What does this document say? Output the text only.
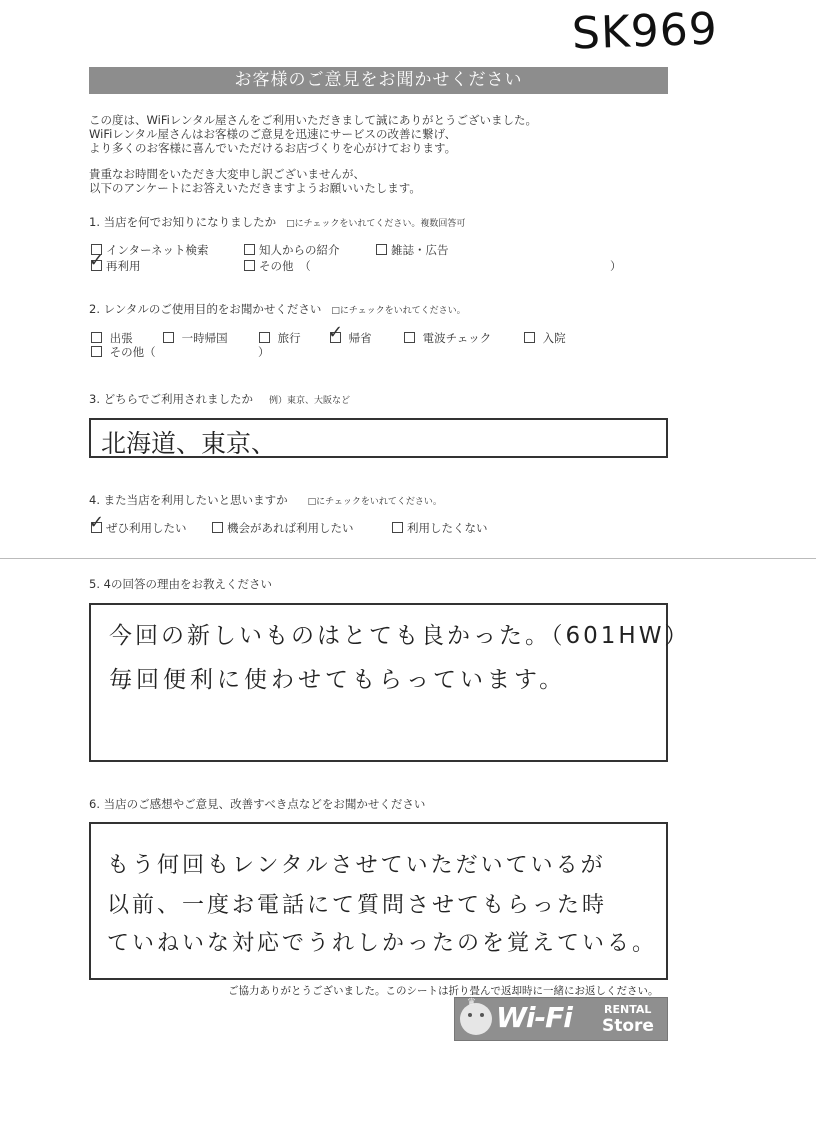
SK969
お客様のご意見をお聞かせください
この度は、WiFiレンタル屋さんをご利用いただきまして誠にありがとうございました。
WiFiレンタル屋さんはお客様のご意見を迅速にサービスの改善に繋げ、
より多くのお客様に喜んでいただけるお店づくりを心がけております。
貴重なお時間をいただき大変申し訳ございませんが、
以下のアンケートにお答えいただきますようお願いいたします。
1. 当店を何でお知りになりましたか □にチェックをいれてください。複数回答可
インターネット検索	知人からの紹介	雑誌・広告
✓再利用	その他　（	）
2. レンタルのご使用目的をお聞かせください □にチェックをいれてください。
出張	一時帰国	旅行
✓	帰省	電波チェック	入院
その他（	）
3. どちらでご利用されましたか 例）東京、大阪など
北海道、東京、
4. また当店を利用したいと思いますか □にチェックをいれてください。
✓ぜひ利用したい	機会があれば利用したい	利用したくない
5. 4の回答の理由をお教えください
今回の新しいものはとても良かった。（601HW）
毎回便利に使わせてもらっています。
6. 当店のご感想やご意見、改善すべき点などをお聞かせください
もう何回もレンタルさせていただいているが
以前、一度お電話にて質問させてもらった時
ていねいな対応でうれしかったのを覚えている。
ご協力ありがとうございました。このシートは折り畳んで返却時に一緒にお返しください。
♛ Wi-Fi	RENTAL
Store
